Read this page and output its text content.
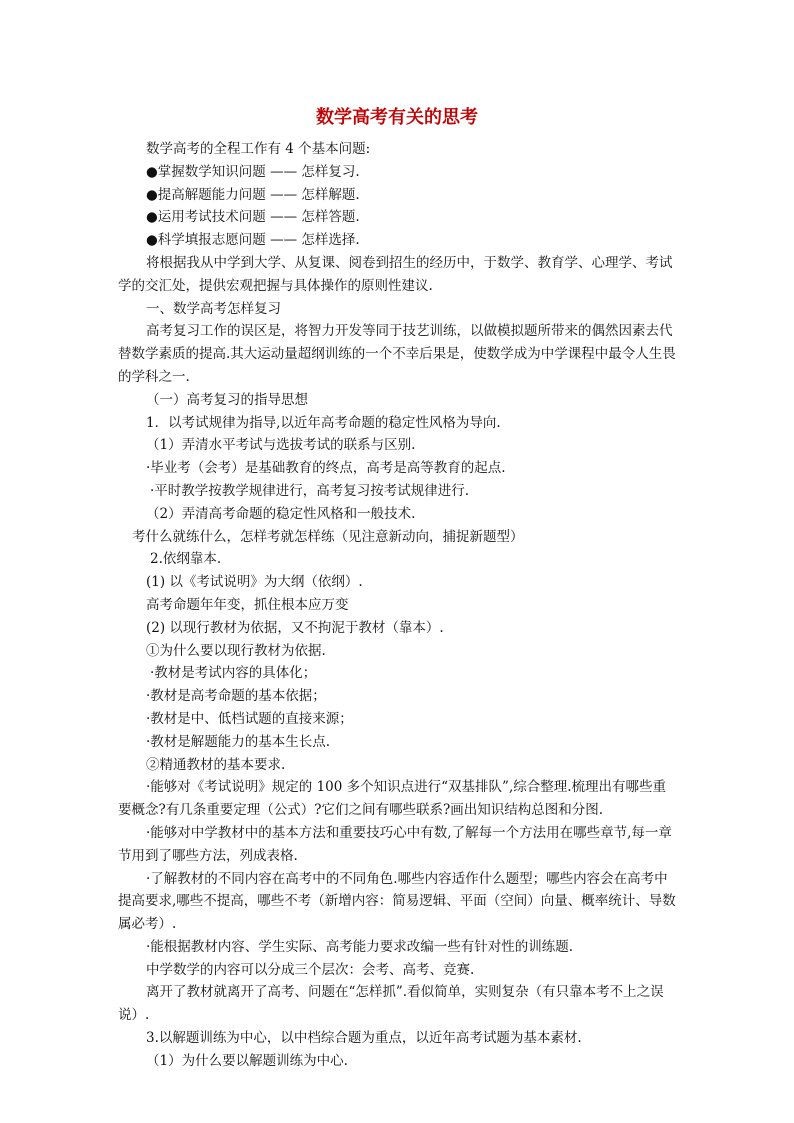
数学高考有关的思考

数学高考的全程工作有 4 个基本问题:

●掌握数学知识问题 —— 怎样复习.

●提高解题能力问题 —— 怎样解题.

●运用考试技术问题 —— 怎样答题.

●科学填报志愿问题 —— 怎样选择.

将根据我从中学到大学、从复课、阅卷到招生的经历中，于数学、教育学、心理学、考试学的交汇处，提供宏观把握与具体操作的原则性建议.

一、数学高考怎样复习

高考复习工作的误区是，将智力开发等同于技艺训练，以做模拟题所带来的偶然因素去代替数学素质的提高.其大运动量超纲训练的一个不幸后果是，使数学成为中学课程中最令人生畏的学科之一.

（一）高考复习的指导思想

1．以考试规律为指导,以近年高考命题的稳定性风格为导向.

（1）弄清水平考试与选拔考试的联系与区别.

·毕业考（会考）是基础教育的终点，高考是高等教育的起点.

·平时教学按教学规律进行，高考复习按考试规律进行.

（2）弄清高考命题的稳定性风格和一般技术.

考什么就练什么，怎样考就怎样练（见注意新动向，捕捉新题型）

2.依纲靠本.

(1) 以《考试说明》为大纲（依纲）.

高考命题年年变，抓住根本应万变

(2) 以现行教材为依据，又不拘泥于教材（靠本）.

①为什么要以现行教材为依据.

·教材是考试内容的具体化；

·教材是高考命题的基本依据；

·教材是中、低档试题的直接来源；

·教材是解题能力的基本生长点.

②精通教材的基本要求.

·能够对《考试说明》规定的 100 多个知识点进行“双基排队”,综合整理.梳理出有哪些重要概念?有几条重要定理（公式）?它们之间有哪些联系?画出知识结构总图和分图.

·能够对中学教材中的基本方法和重要技巧心中有数,了解每一个方法用在哪些章节,每一章节用到了哪些方法，列成表格.

·了解教材的不同内容在高考中的不同角色.哪些内容适作什么题型；哪些内容会在高考中提高要求,哪些不提高，哪些不考（新增内容：简易逻辑、平面（空间）向量、概率统计、导数属必考）.

·能根据教材内容、学生实际、高考能力要求改编一些有针对性的训练题.

中学数学的内容可以分成三个层次：会考、高考、竞赛.

离开了教材就离开了高考、问题在“怎样抓”.看似简单，实则复杂（有只靠本考不上之误说）.

3.以解题训练为中心，以中档综合题为重点，以近年高考试题为基本素材.

（1）为什么要以解题训练为中心.
